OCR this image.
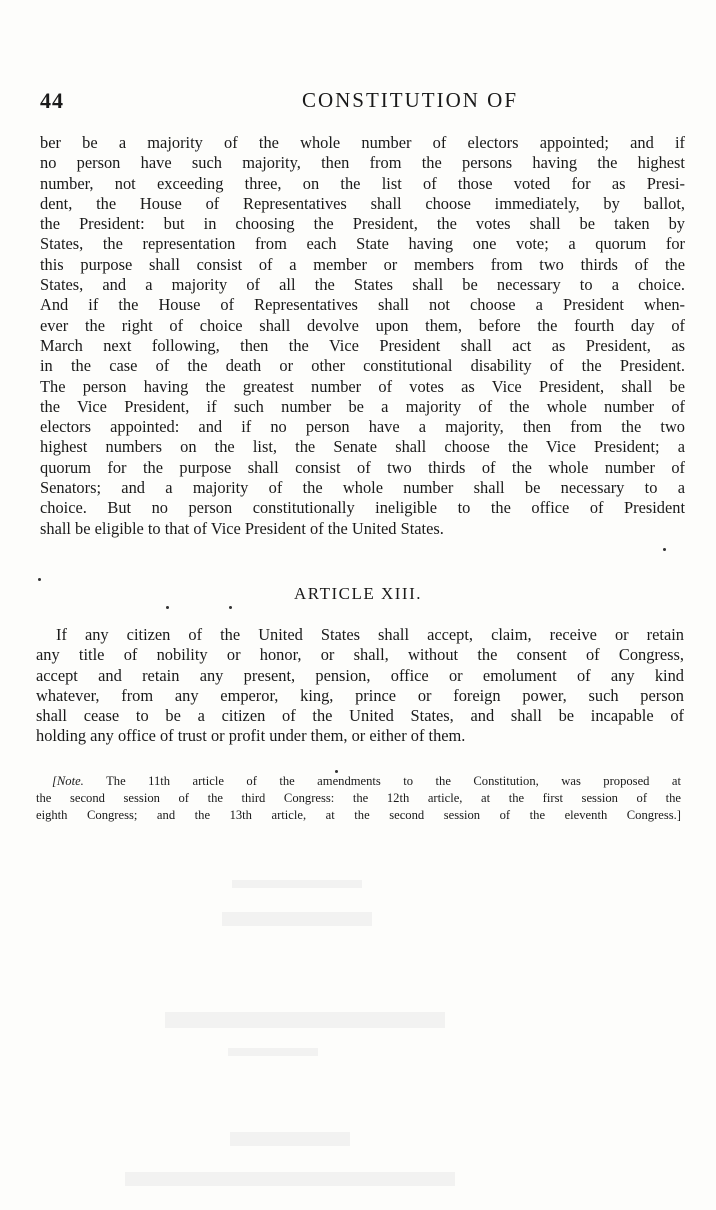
44	CONSTITUTION OF
ber be a majority of the whole number of electors appointed; and if
no person have such majority, then from the persons having the highest
number, not exceeding three, on the list of those voted for as Presi-
dent, the House of Representatives shall choose immediately, by ballot,
the President: but in choosing the President, the votes shall be taken by
States, the representation from each State having one vote; a quorum for
this purpose shall consist of a member or members from two thirds of the
States, and a majority of all the States shall be necessary to a choice.
And if the House of Representatives shall not choose a President when-
ever the right of choice shall devolve upon them, before the fourth day of
March next following, then the Vice President shall act as President, as
in the case of the death or other constitutional disability of the President.
The person having the greatest number of votes as Vice President, shall be
the Vice President, if such number be a majority of the whole number of
electors appointed: and if no person have a majority, then from the two
highest numbers on the list, the Senate shall choose the Vice President; a
quorum for the purpose shall consist of two thirds of the whole number of
Senators; and a majority of the whole number shall be necessary to a
choice. But no person constitutionally ineligible to the office of President
shall be eligible to that of Vice President of the United States.
ARTICLE XIII.
If any citizen of the United States shall accept, claim, receive or retain
any title of nobility or honor, or shall, without the consent of Congress,
accept and retain any present, pension, office or emolument of any kind
whatever, from any emperor, king, prince or foreign power, such person
shall cease to be a citizen of the United States, and shall be incapable of
holding any office of trust or profit under them, or either of them.
[Note. The 11th article of the amendments to the Constitution, was proposed at
the second session of the third Congress: the 12th article, at the first session of the
eighth Congress; and the 13th article, at the second session of the eleventh Congress.]
